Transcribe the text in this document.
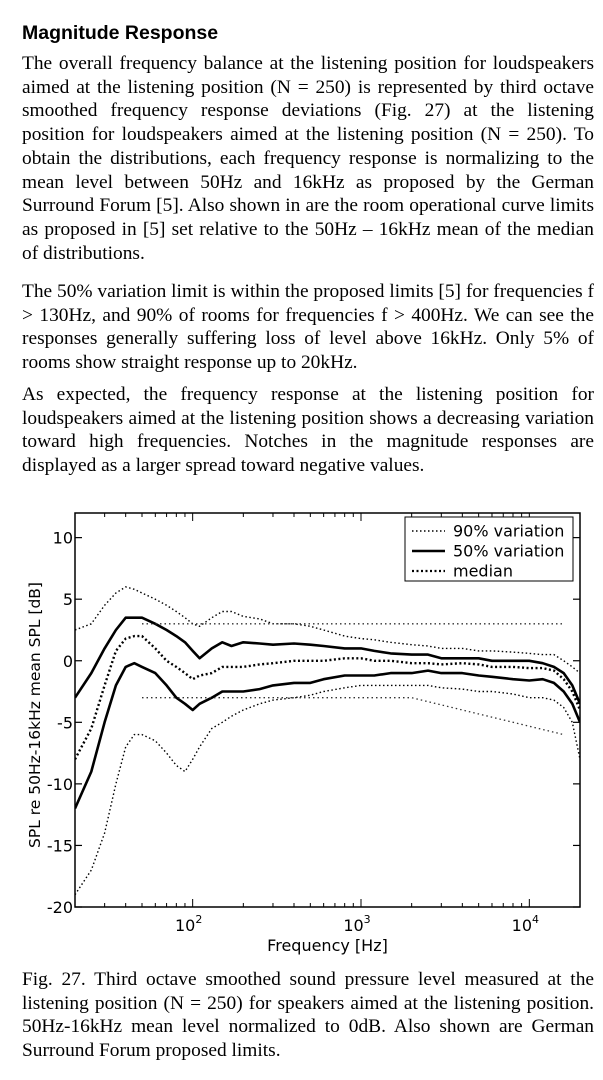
Magnitude Response

The overall frequency balance at the listening position for loudspeakers aimed at the listening position (N = 250) is represented by third octave smoothed frequency response deviations (Fig. 27) at the listening position for loudspeakers aimed at the listening position (N = 250). To obtain the distributions, each frequency response is normalizing to the mean level between 50Hz and 16kHz as proposed by the German Surround Forum [5]. Also shown in are the room operational curve limits as proposed in [5] set relative to the 50Hz – 16kHz mean of the median of distributions.

The 50% variation limit is within the proposed limits [5] for frequencies f > 130Hz, and 90% of rooms for frequencies f > 400Hz. We can see the responses generally suffering loss of level above 16kHz. Only 5% of rooms show straight response up to 20kHz.

As expected, the frequency response at the listening position for loudspeakers aimed at the listening position shows a decreasing variation toward high frequencies. Notches in the magnitude responses are displayed as a larger spread toward negative values.

10
5
0
-5
-10
-15
-20
$10^2$	$10^3$	$10^4$
Frequency [Hz]
SPL re 50Hz-16kHz mean SPL [dB]
90% variation
50% variation
median

Fig. 27. Third octave smoothed sound pressure level measured at the listening position (N = 250) for speakers aimed at the listening position. 50Hz-16kHz mean level normalized to 0dB. Also shown are German Surround Forum proposed limits.
